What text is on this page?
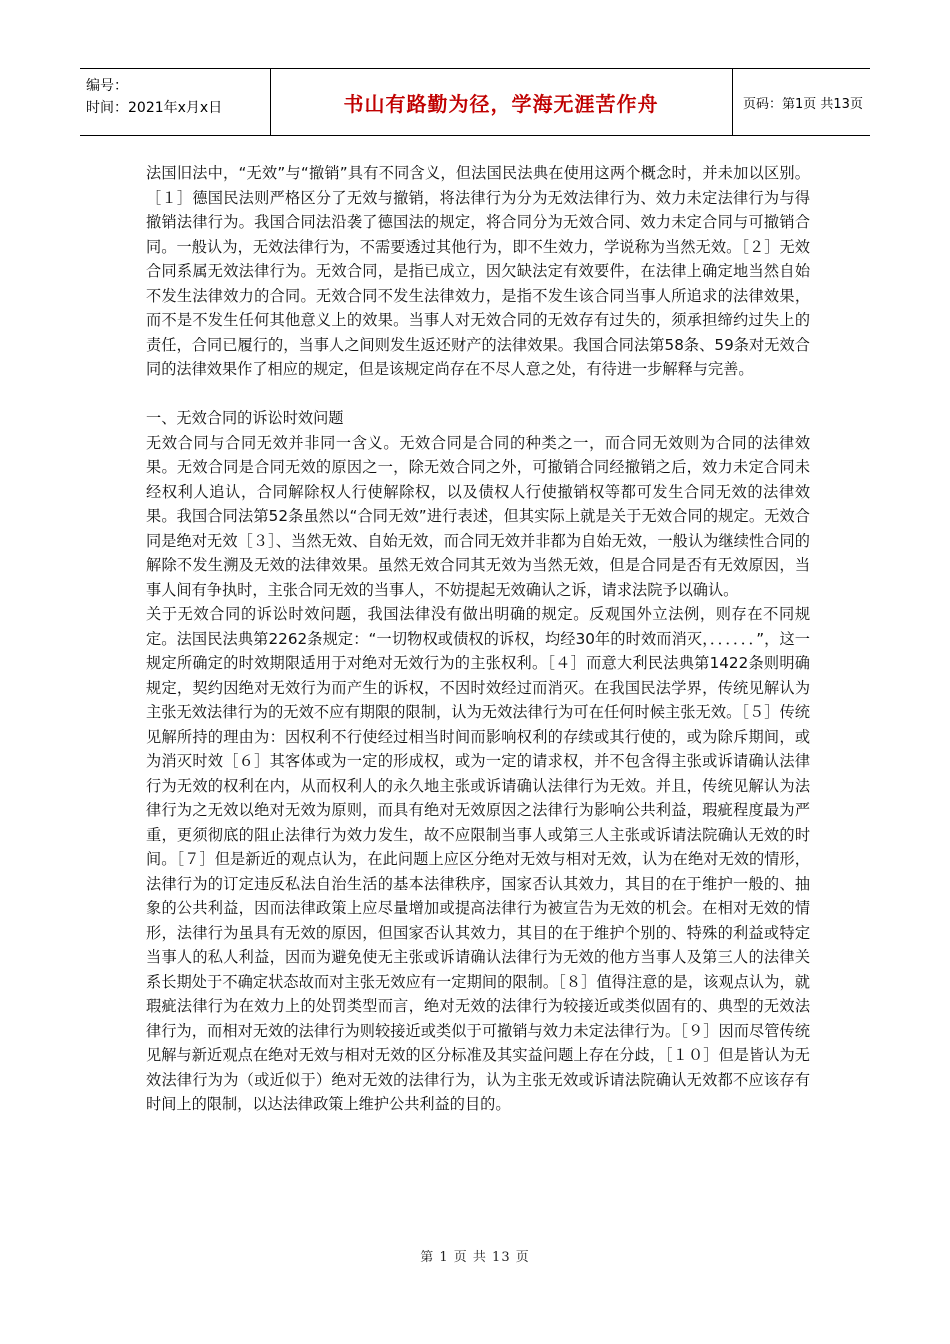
编号：
时间：2021年x月x日	书山有路勤为径，学海无涯苦作舟	页码：第1页 共13页

法国旧法中，“无效”与“撤销”具有不同含义，但法国民法典在使用这两个概念时，并未加以区别。［１］德国民法则严格区分了无效与撤销，将法律行为分为无效法律行为、效力未定法律行为与得撤销法律行为。我国合同法沿袭了德国法的规定，将合同分为无效合同、效力未定合同与可撤销合同。一般认为，无效法律行为，不需要透过其他行为，即不生效力，学说称为当然无效。［２］无效合同系属无效法律行为。无效合同，是指已成立，因欠缺法定有效要件，在法律上确定地当然自始不发生法律效力的合同。无效合同不发生法律效力，是指不发生该合同当事人所追求的法律效果，而不是不发生任何其他意义上的效果。当事人对无效合同的无效存有过失的，须承担缔约过失上的责任，合同已履行的，当事人之间则发生返还财产的法律效果。我国合同法第58条、59条对无效合同的法律效果作了相应的规定，但是该规定尚存在不尽人意之处，有待进一步解释与完善。

一、无效合同的诉讼时效问题

无效合同与合同无效并非同一含义。无效合同是合同的种类之一，而合同无效则为合同的法律效果。无效合同是合同无效的原因之一，除无效合同之外，可撤销合同经撤销之后，效力未定合同未经权利人追认，合同解除权人行使解除权，以及债权人行使撤销权等都可发生合同无效的法律效果。我国合同法第52条虽然以“合同无效”进行表述，但其实际上就是关于无效合同的规定。无效合同是绝对无效［３］、当然无效、自始无效，而合同无效并非都为自始无效，一般认为继续性合同的解除不发生溯及无效的法律效果。虽然无效合同其无效为当然无效，但是合同是否有无效原因，当事人间有争执时，主张合同无效的当事人，不妨提起无效确认之诉，请求法院予以确认。

关于无效合同的诉讼时效问题，我国法律没有做出明确的规定。反观国外立法例，则存在不同规定。法国民法典第2262条规定：“一切物权或债权的诉权，均经30年的时效而消灭，．．．．．．”，这一规定所确定的时效期限适用于对绝对无效行为的主张权利。［４］而意大利民法典第1422条则明确规定，契约因绝对无效行为而产生的诉权，不因时效经过而消灭。在我国民法学界，传统见解认为主张无效法律行为的无效不应有期限的限制，认为无效法律行为可在任何时候主张无效。［５］传统见解所持的理由为：因权利不行使经过相当时间而影响权利的存续或其行使的，或为除斥期间，或为消灭时效［６］其客体或为一定的形成权，或为一定的请求权，并不包含得主张或诉请确认法律行为无效的权利在内，从而权利人的永久地主张或诉请确认法律行为无效。并且，传统见解认为法律行为之无效以绝对无效为原则，而具有绝对无效原因之法律行为影响公共利益，瑕疵程度最为严重，更须彻底的阻止法律行为效力发生，故不应限制当事人或第三人主张或诉请法院确认无效的时间。［７］但是新近的观点认为，在此问题上应区分绝对无效与相对无效，认为在绝对无效的情形，法律行为的订定违反私法自治生活的基本法律秩序，国家否认其效力，其目的在于维护一般的、抽象的公共利益，因而法律政策上应尽量增加或提高法律行为被宣告为无效的机会。在相对无效的情形，法律行为虽具有无效的原因，但国家否认其效力，其目的在于维护个别的、特殊的利益或特定当事人的私人利益，因而为避免使无主张或诉请确认法律行为无效的他方当事人及第三人的法律关系长期处于不确定状态故而对主张无效应有一定期间的限制。［８］值得注意的是，该观点认为，就瑕疵法律行为在效力上的处罚类型而言，绝对无效的法律行为较接近或类似固有的、典型的无效法律行为，而相对无效的法律行为则较接近或类似于可撤销与效力未定法律行为。［９］因而尽管传统见解与新近观点在绝对无效与相对无效的区分标准及其实益问题上存在分歧，［１０］但是皆认为无效法律行为为（或近似于）绝对无效的法律行为，认为主张无效或诉请法院确认无效都不应该存有时间上的限制，以达法律政策上维护公共利益的目的。

第 1 页 共 13 页
